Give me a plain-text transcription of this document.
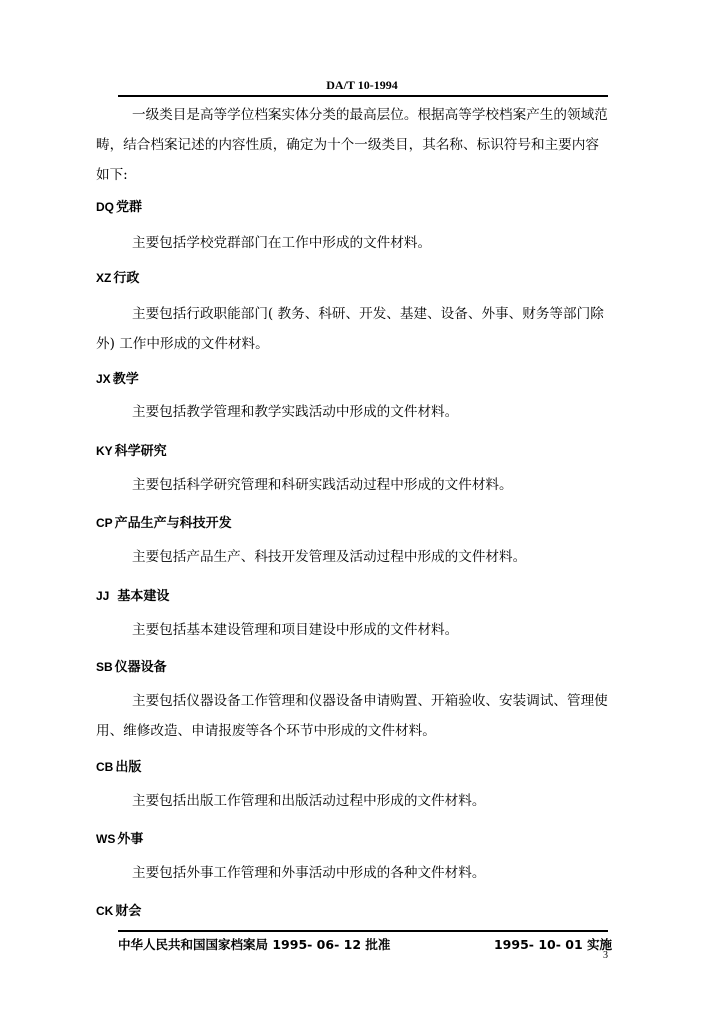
DA/T 10-1994

一级类目是高等学位档案实体分类的最高层位。根据高等学校档案产生的领域范畴，结合档案记述的内容性质，确定为十个一级类目，其名称、标识符号和主要内容如下:

DQ 党群

主要包括学校党群部门在工作中形成的文件材料。

XZ 行政

主要包括行政职能部门( 教务、科研、开发、基建、设备、外事、财务等部门除外) 工作中形成的文件材料。

JX 教学

主要包括教学管理和教学实践活动中形成的文件材料。

KY 科学研究

主要包括科学研究管理和科研实践活动过程中形成的文件材料。

CP 产品生产与科技开发

主要包括产品生产、科技开发管理及活动过程中形成的文件材料。

JJ 基本建设

主要包括基本建设管理和项目建设中形成的文件材料。

SB 仪器设备

主要包括仪器设备工作管理和仪器设备申请购置、开箱验收、安装调试、管理使用、维修改造、申请报废等各个环节中形成的文件材料。

CB 出版

主要包括出版工作管理和出版活动过程中形成的文件材料。

WS 外事

主要包括外事工作管理和外事活动中形成的各种文件材料。

CK 财会

中华人民共和国国家档案局 1995- 06- 12 批准	1995- 10- 01 实施
3
